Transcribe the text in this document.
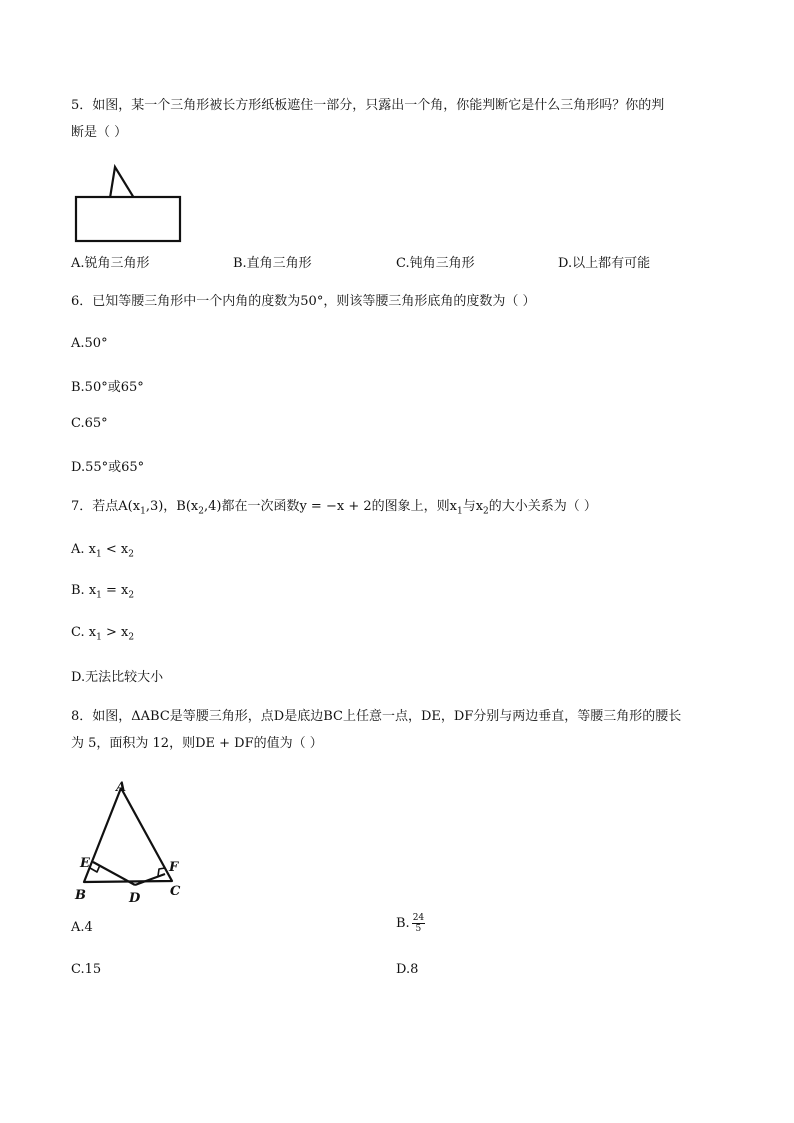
5．如图，某一个三角形被长方形纸板遮住一部分，只露出一个角，你能判断它是什么三角形吗？你的判
断是（ ）
A.锐角三角形	B.直角三角形	C.钝角三角形	D.以上都有可能
6．已知等腰三角形中一个内角的度数为50°，则该等腰三角形底角的度数为（ ）
A.50°
B.50°或65°
C.65°
D.55°或65°
7．若点$A(x_1,3)$，$B(x_2,4)$都在一次函数y = −x + 2的图象上，则$x_1$与$x_2$的大小关系为（ ）
A. $x_1 < x_2$
B. $x_1 = x_2$
C. $x_1 > x_2$
D.无法比较大小
8．如图，ΔABC是等腰三角形，点D是底边BC上任意一点，DE，DF分别与两边垂直，等腰三角形的腰长
为 5，面积为 12，则DE + DF的值为（ ）
A
E	F
B	D C
A.4	B. $\frac{24}{5}$
C.15	D.8
